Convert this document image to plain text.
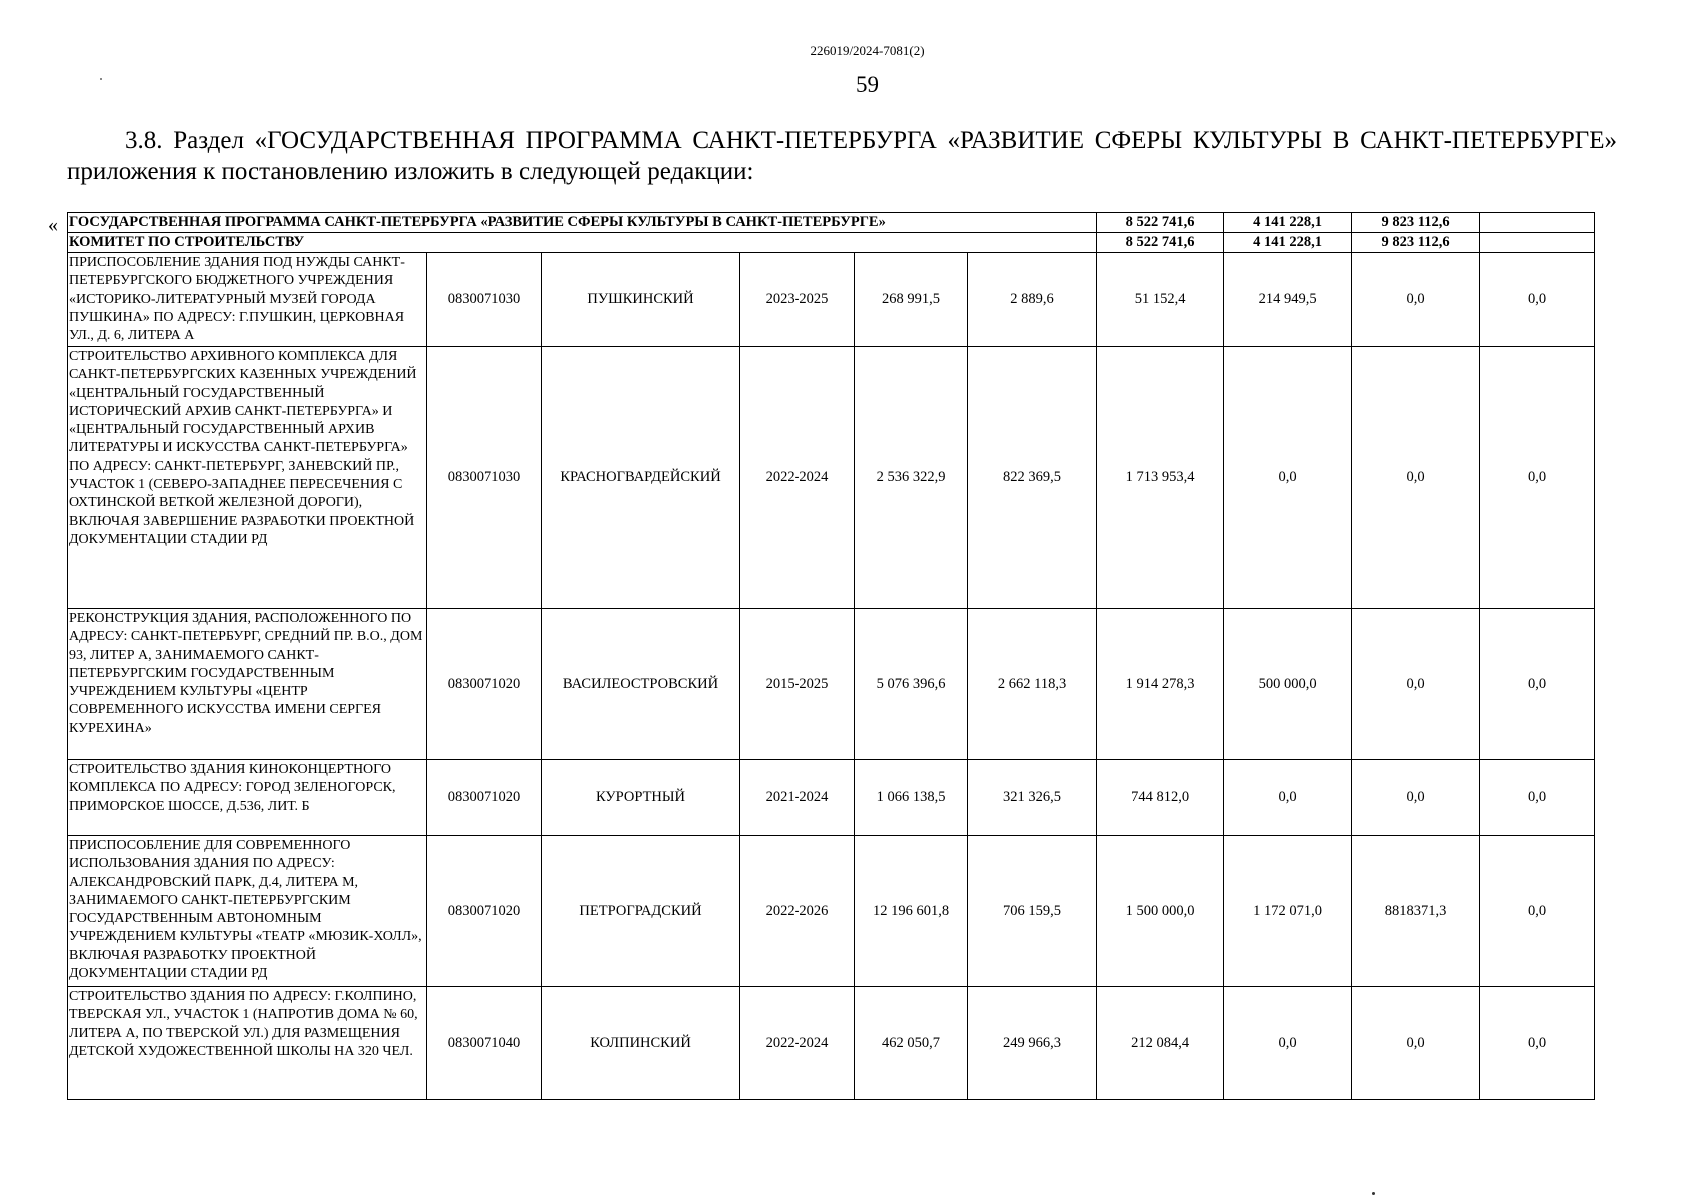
226019/2024-7081(2)
59
3.8. Раздел «ГОСУДАРСТВЕННАЯ ПРОГРАММА САНКТ-ПЕТЕРБУРГА «РАЗВИТИЕ СФЕРЫ КУЛЬТУРЫ В САНКТ-ПЕТЕРБУРГЕ»
приложения к постановлению изложить в следующей редакции:
« ГОСУДАРСТВЕННАЯ ПРОГРАММА САНКТ-ПЕТЕРБУРГА «РАЗВИТИЕ СФЕРЫ КУЛЬТУРЫ В САНКТ-ПЕТЕРБУРГЕ»						8 522 741,6	4 141 228,1	9 823 112,6	
КОМИТЕТ ПО СТРОИТЕЛЬСТВУ						8 522 741,6	4 141 228,1	9 823 112,6	
ПРИСПОСОБЛЕНИЕ ЗДАНИЯ ПОД НУЖДЫ САНКТ-ПЕТЕРБУРГСКОГО БЮДЖЕТНОГО УЧРЕЖДЕНИЯ «ИСТОРИКО-ЛИТЕРАТУРНЫЙ МУЗЕЙ ГОРОДА ПУШКИНА» ПО АДРЕСУ: Г.ПУШКИН, ЦЕРКОВНАЯ УЛ., Д. 6, ЛИТЕРА А	0830071030	ПУШКИНСКИЙ	2023-2025	268 991,5	2 889,6	51 152,4	214 949,5	0,0	0,0
СТРОИТЕЛЬСТВО АРХИВНОГО КОМПЛЕКСА ДЛЯ САНКТ-ПЕТЕРБУРГСКИХ КАЗЕННЫХ УЧРЕЖДЕНИЙ «ЦЕНТРАЛЬНЫЙ ГОСУДАРСТВЕННЫЙ ИСТОРИЧЕСКИЙ АРХИВ САНКТ-ПЕТЕРБУРГА» И «ЦЕНТРАЛЬНЫЙ ГОСУДАРСТВЕННЫЙ АРХИВ ЛИТЕРАТУРЫ И ИСКУССТВА САНКТ-ПЕТЕРБУРГА» ПО АДРЕСУ: САНКТ-ПЕТЕРБУРГ, ЗАНЕВСКИЙ ПР., УЧАСТОК 1 (СЕВЕРО-ЗАПАДНЕЕ ПЕРЕСЕЧЕНИЯ С ОХТИНСКОЙ ВЕТКОЙ ЖЕЛЕЗНОЙ ДОРОГИ), ВКЛЮЧАЯ ЗАВЕРШЕНИЕ РАЗРАБОТКИ ПРОЕКТНОЙ ДОКУМЕНТАЦИИ СТАДИИ РД	0830071030	КРАСНОГВАРДЕЙСКИЙ	2022-2024	2 536 322,9	822 369,5	1 713 953,4	0,0	0,0	0,0
РЕКОНСТРУКЦИЯ ЗДАНИЯ, РАСПОЛОЖЕННОГО ПО АДРЕСУ: САНКТ-ПЕТЕРБУРГ, СРЕДНИЙ ПР. В.О., ДОМ 93, ЛИТЕР А, ЗАНИМАЕМОГО САНКТ-ПЕТЕРБУРГСКИМ ГОСУДАРСТВЕННЫМ УЧРЕЖДЕНИЕМ КУЛЬТУРЫ «ЦЕНТР СОВРЕМЕННОГО ИСКУССТВА ИМЕНИ СЕРГЕЯ КУРЕХИНА»	0830071020	ВАСИЛЕОСТРОВСКИЙ	2015-2025	5 076 396,6	2 662 118,3	1 914 278,3	500 000,0	0,0	0,0
СТРОИТЕЛЬСТВО ЗДАНИЯ КИНОКОНЦЕРТНОГО КОМПЛЕКСА ПО АДРЕСУ: ГОРОД ЗЕЛЕНОГОРСК, ПРИМОРСКОЕ ШОССЕ, Д.536, ЛИТ. Б	0830071020	КУРОРТНЫЙ	2021-2024	1 066 138,5	321 326,5	744 812,0	0,0	0,0	0,0
ПРИСПОСОБЛЕНИЕ ДЛЯ СОВРЕМЕННОГО ИСПОЛЬЗОВАНИЯ ЗДАНИЯ ПО АДРЕСУ: АЛЕКСАНДРОВСКИЙ ПАРК, Д.4, ЛИТЕРА М, ЗАНИМАЕМОГО САНКТ-ПЕТЕРБУРГСКИМ ГОСУДАРСТВЕННЫМ АВТОНОМНЫМ УЧРЕЖДЕНИЕМ КУЛЬТУРЫ «ТЕАТР «МЮЗИК-ХОЛЛ», ВКЛЮЧАЯ РАЗРАБОТКУ ПРОЕКТНОЙ ДОКУМЕНТАЦИИ СТАДИИ РД	0830071020	ПЕТРОГРАДСКИЙ	2022-2026	12 196 601,8	706 159,5	1 500 000,0	1 172 071,0	8818371,3	0,0
СТРОИТЕЛЬСТВО ЗДАНИЯ ПО АДРЕСУ: Г.КОЛПИНО, ТВЕРСКАЯ УЛ., УЧАСТОК 1 (НАПРОТИВ ДОМА № 60, ЛИТЕРА А, ПО ТВЕРСКОЙ УЛ.) ДЛЯ РАЗМЕЩЕНИЯ ДЕТСКОЙ ХУДОЖЕСТВЕННОЙ ШКОЛЫ НА 320 ЧЕЛ.	0830071040	КОЛПИНСКИЙ	2022-2024	462 050,7	249 966,3	212 084,4	0,0	0,0	0,0
